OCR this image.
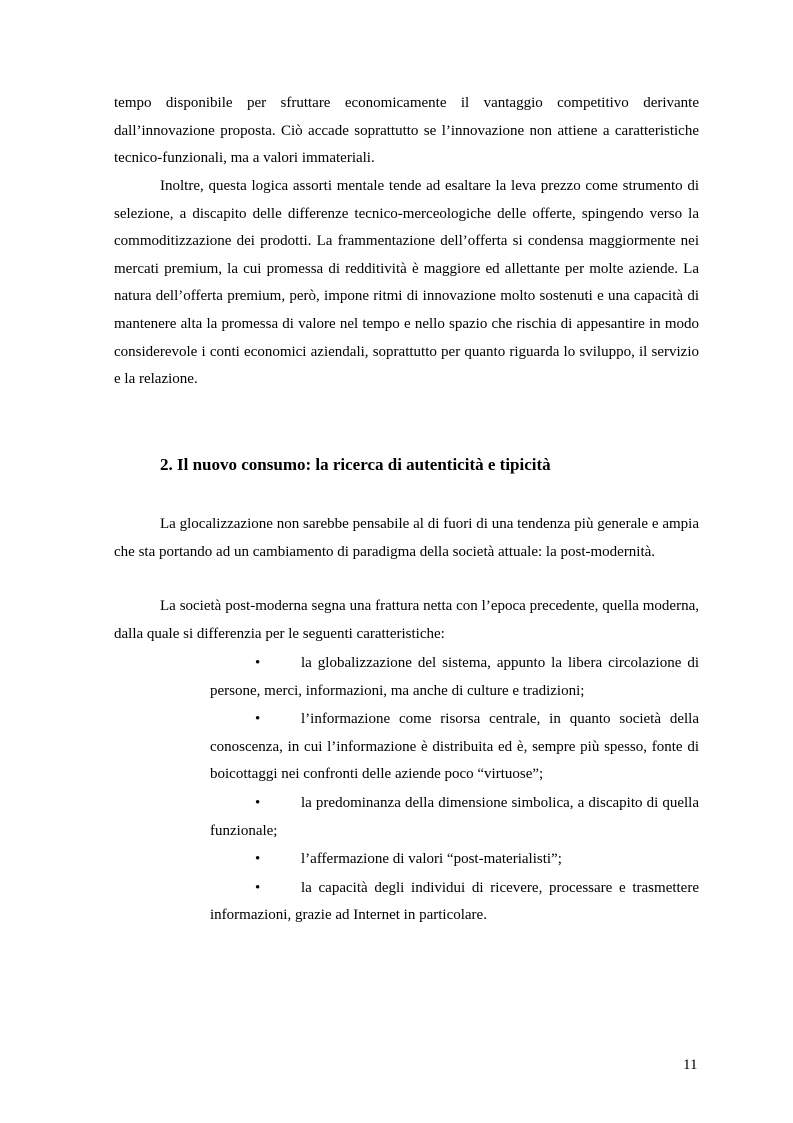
tempo disponibile per sfruttare economicamente il vantaggio competitivo derivante dall’innovazione proposta. Ciò accade soprattutto se l’innovazione non attiene a caratteristiche tecnico-funzionali, ma a valori immateriali.

Inoltre, questa logica assorti mentale tende ad esaltare la leva prezzo come strumento di selezione, a discapito delle differenze tecnico-merceologiche delle offerte, spingendo verso la commoditizzazione dei prodotti. La frammentazione dell’offerta si condensa maggiormente nei mercati premium, la cui promessa di redditività è maggiore ed allettante per molte aziende. La natura dell’offerta premium, però, impone ritmi di innovazione molto sostenuti e una capacità di mantenere alta la promessa di valore nel tempo e nello spazio che rischia di appesantire in modo considerevole i conti economici aziendali, soprattutto per quanto riguarda lo sviluppo, il servizio e la relazione.

2. Il nuovo consumo: la ricerca di autenticità e tipicità

La glocalizzazione non sarebbe pensabile al di fuori di una tendenza più generale e ampia che sta portando ad un cambiamento di paradigma della società attuale: la post-modernità.

La società post-moderna segna una frattura netta con l’epoca precedente, quella moderna, dalla quale si differenzia per le seguenti caratteristiche:

•	la globalizzazione del sistema, appunto la libera circolazione di persone, merci, informazioni, ma anche di culture e tradizioni;
•	l’informazione come risorsa centrale, in quanto società della conoscenza, in cui l’informazione è distribuita ed è, sempre più spesso, fonte di boicottaggi nei confronti delle aziende poco “virtuose”;
•	la predominanza della dimensione simbolica, a discapito di quella funzionale;
•	l’affermazione di valori “post-materialisti”;
•	la capacità degli individui di ricevere, processare e trasmettere informazioni, grazie ad Internet in particolare.

11
